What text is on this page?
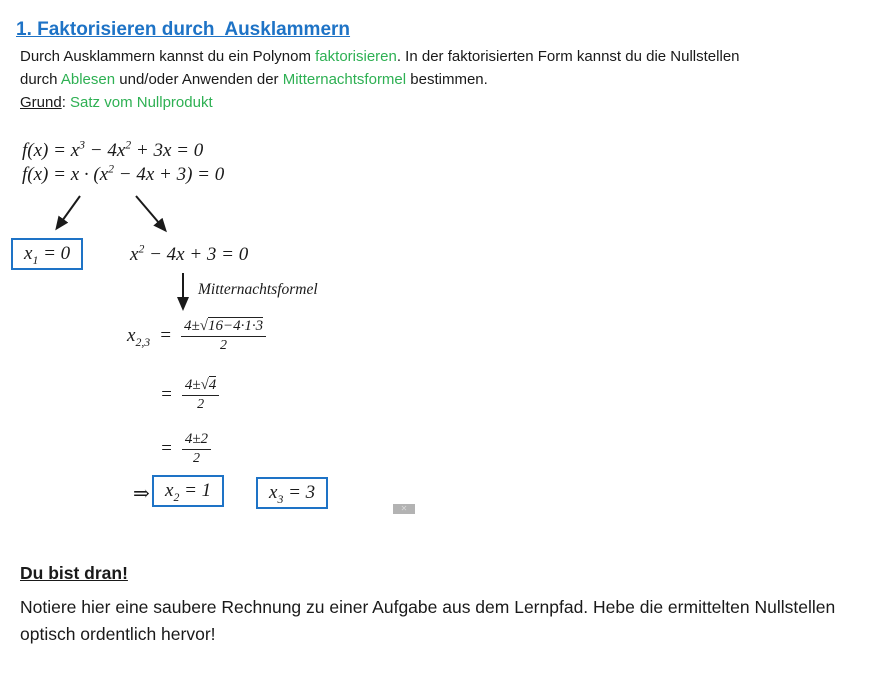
1. Faktorisieren durch  Ausklammern
Durch Ausklammern kannst du ein Polynom faktorisieren. In der faktorisierten Form kannst du die Nullstellen
durch Ablesen und/oder Anwenden der Mitternachtsformel bestimmen.
Grund: Satz vom Nullprodukt
$f(x) = x^3 - 4x^2 + 3x = 0$
$f(x) = x \cdot (x^2 - 4x + 3) = 0$
$x_1 = 0$	$x^2 - 4x + 3 = 0$
Mitternachtsformel
$x_{2,3} = \frac{4\pm√16-4\cdot 1\cdot 3}{2}$
= $\frac{4\pm√4}{2}$
= $\frac{4\pm 2}{2}$
⇒ $x_2 = 1$	$x_3 = 3$
✕
Du bist dran!
Notiere hier eine saubere Rechnung zu einer Aufgabe aus dem Lernpfad. Hebe die ermittelten Nullstellen optisch ordentlich hervor!
